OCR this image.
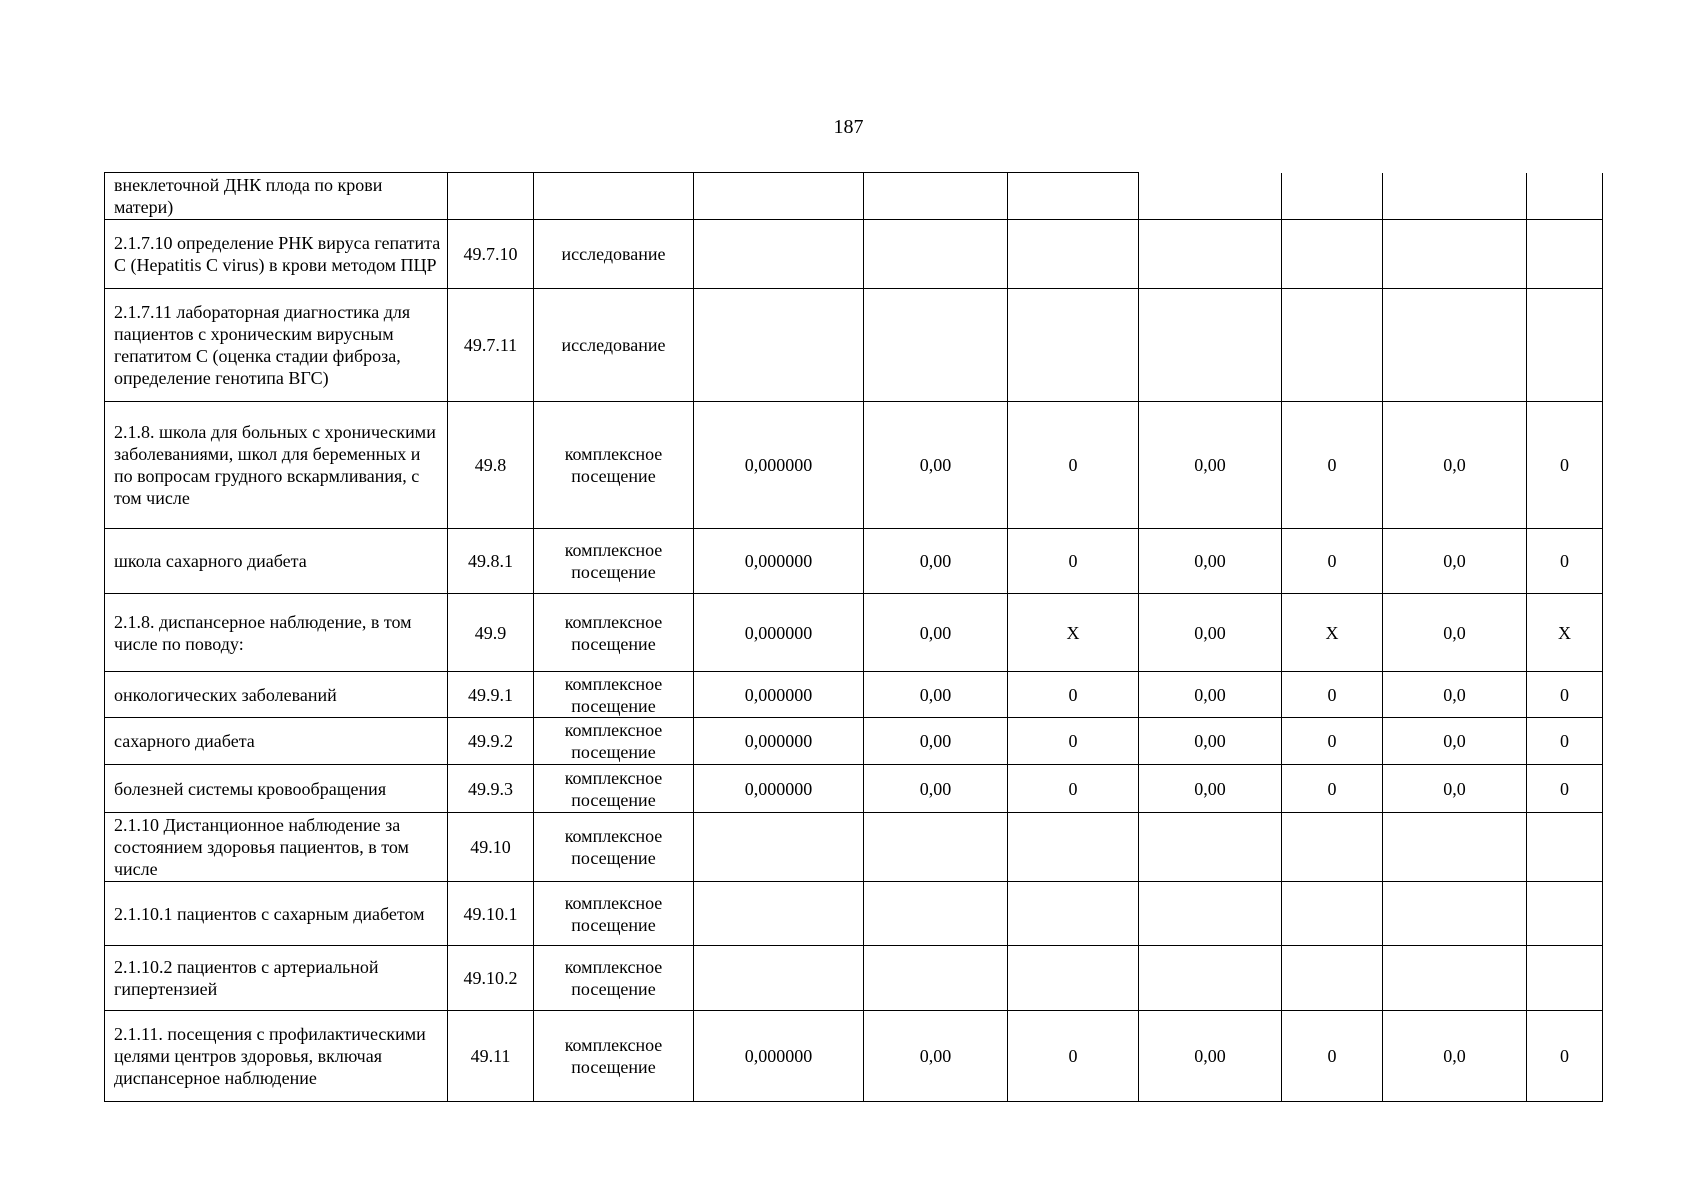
187
внеклеточной ДНК плода по крови матери)									
2.1.7.10 определение РНК вируса гепатита C (Hepatitis C virus) в крови методом ПЦР	49.7.10	исследование							
2.1.7.11 лабораторная диагностика для пациентов с хроническим вирусным гепатитом С (оценка стадии фиброза, определение генотипа ВГС)	49.7.11	исследование							
2.1.8. школа для больных с хроническими заболеваниями, школ для беременных и по вопросам грудного вскармливания, с том числе	49.8	комплексное посещение	0,000000	0,00	0	0,00	0	0,0	0
школа сахарного диабета	49.8.1	комплексное посещение	0,000000	0,00	0	0,00	0	0,0	0
2.1.8. диспансерное наблюдение, в том числе по поводу:	49.9	комплексное посещение	0,000000	0,00	X	0,00	X	0,0	X
онкологических заболеваний	49.9.1	комплексное посещение	0,000000	0,00	0	0,00	0	0,0	0
сахарного диабета	49.9.2	комплексное посещение	0,000000	0,00	0	0,00	0	0,0	0
болезней системы кровообращения	49.9.3	комплексное посещение	0,000000	0,00	0	0,00	0	0,0	0
2.1.10 Дистанционное наблюдение за состоянием здоровья пациентов, в том числе	49.10	комплексное посещение							
2.1.10.1 пациентов с сахарным диабетом	49.10.1	комплексное посещение							
2.1.10.2 пациентов с артериальной гипертензией	49.10.2	комплексное посещение							
2.1.11. посещения с профилактическими целями центров здоровья, включая диспансерное наблюдение	49.11	комплексное посещение	0,000000	0,00	0	0,00	0	0,0	0
